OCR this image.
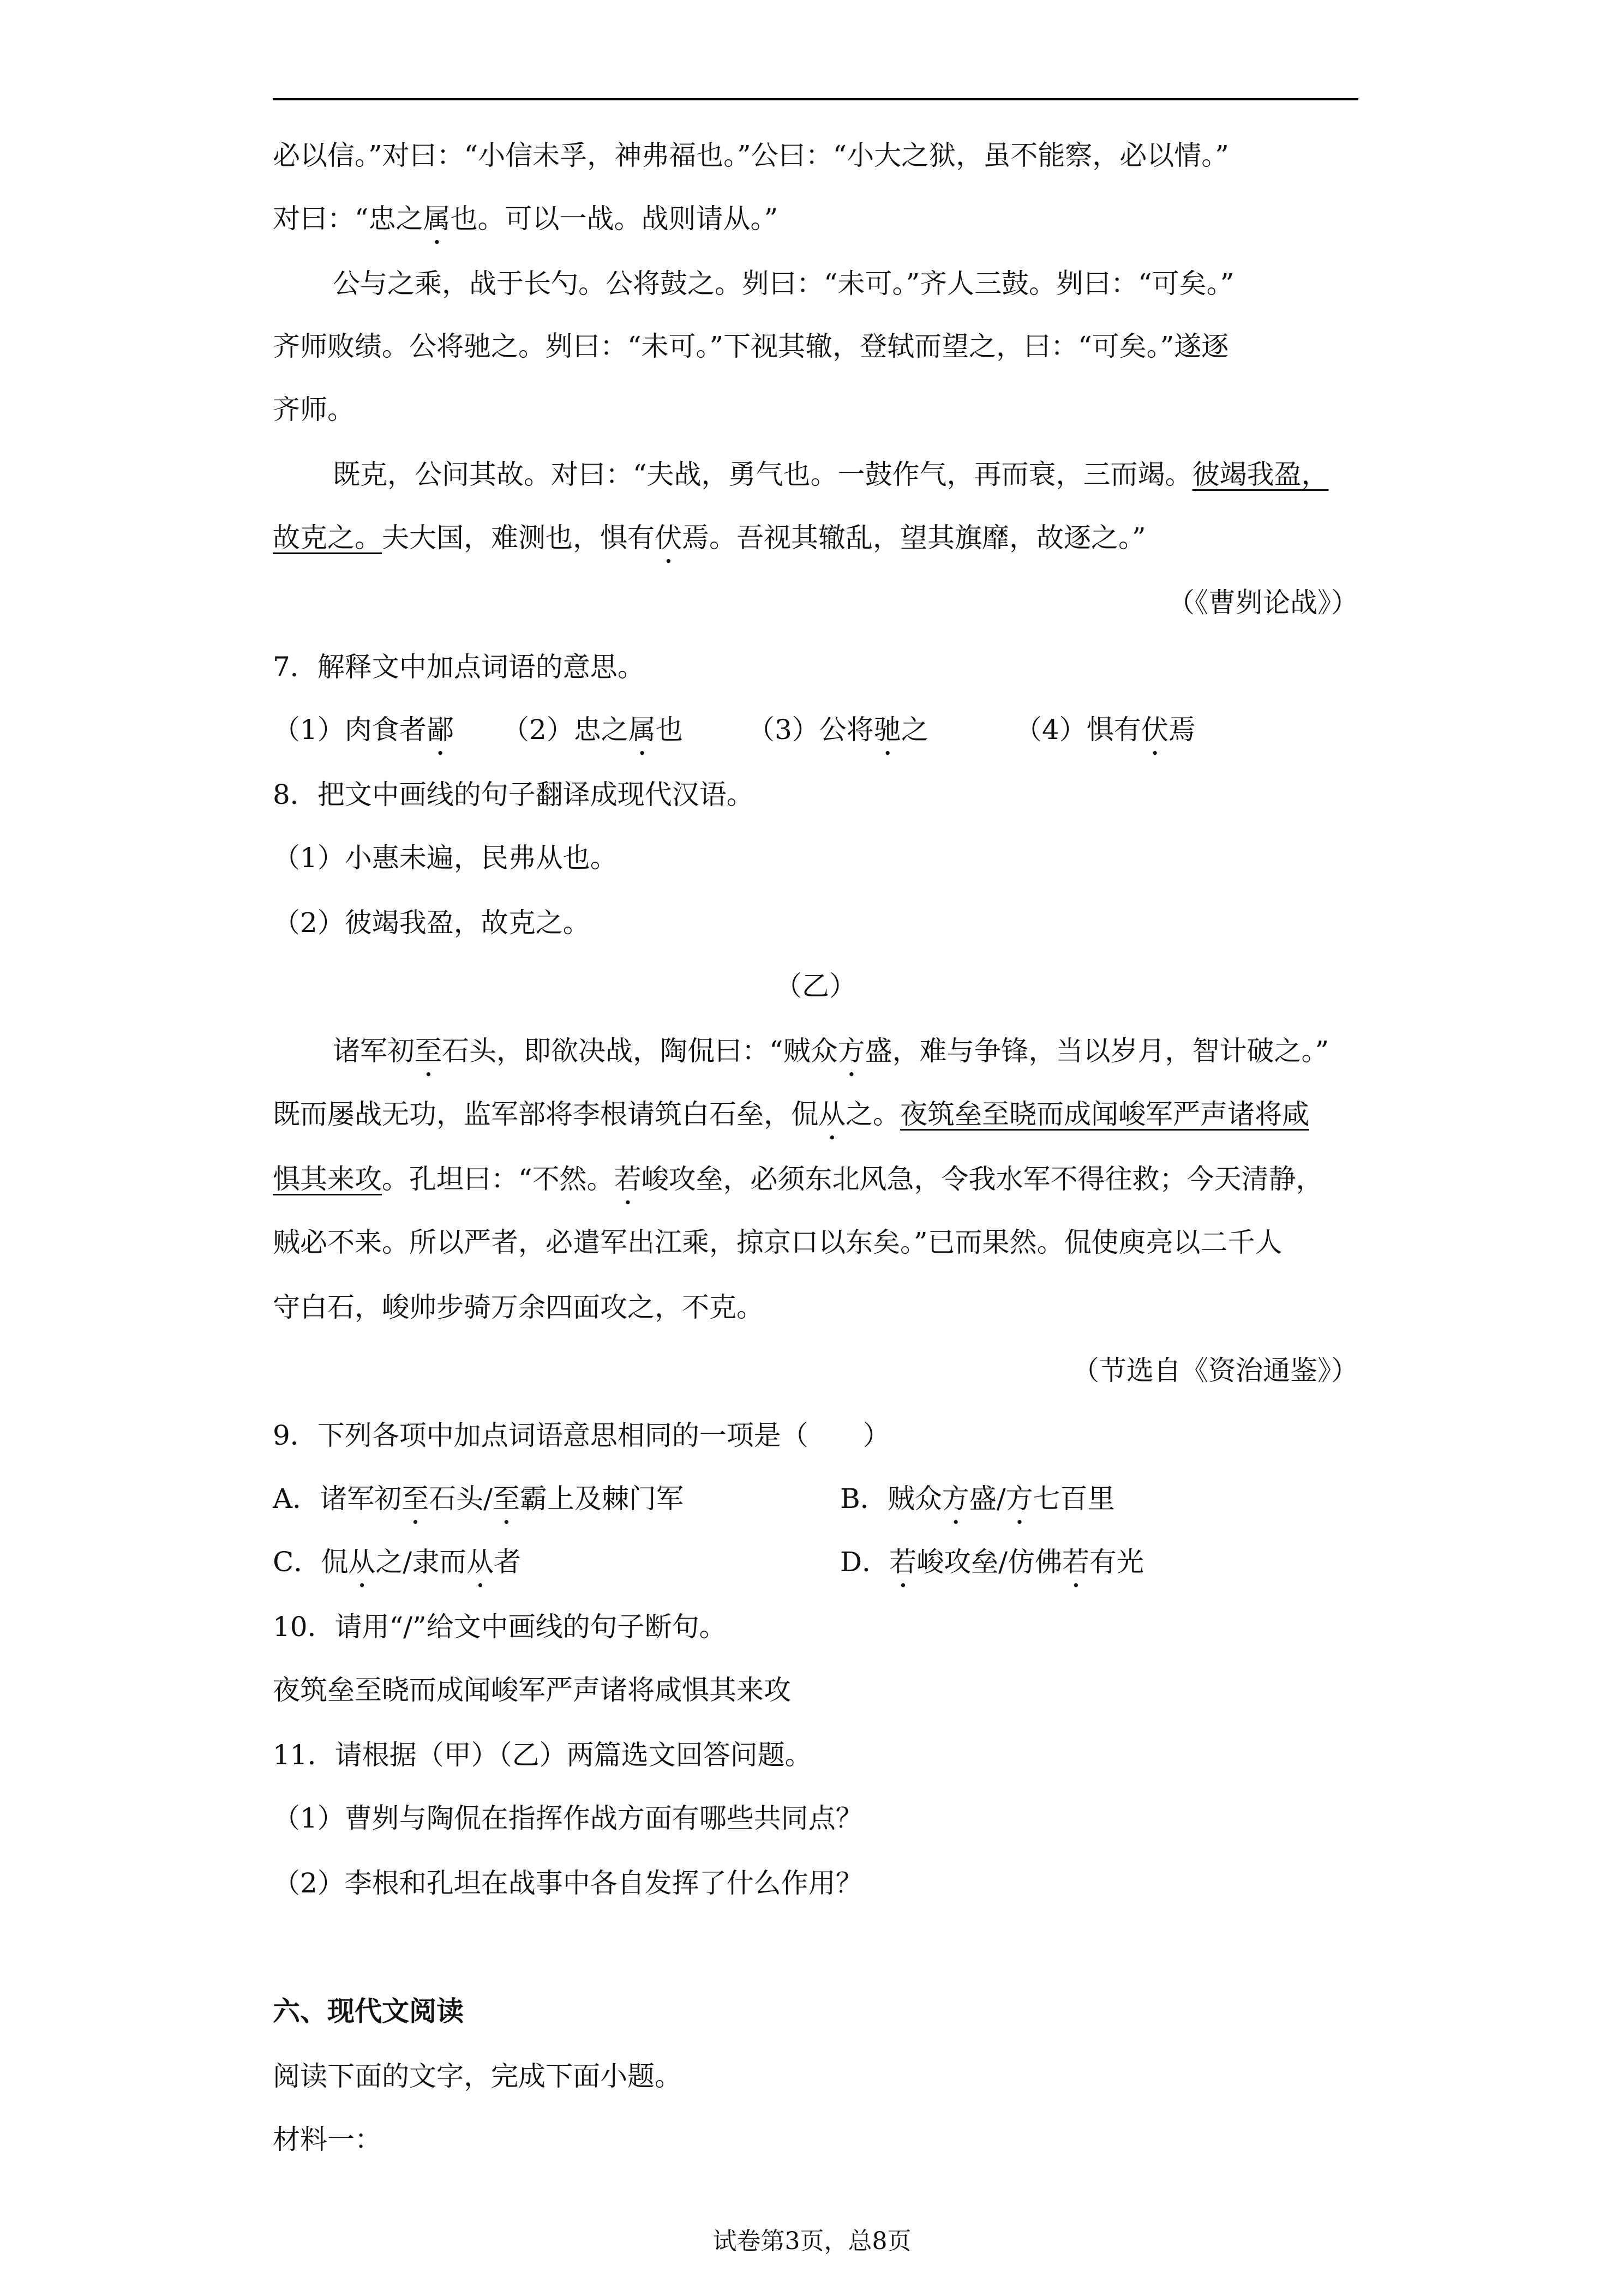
必以信。”对曰：“小信未孚，神弗福也。”公曰：“小大之狱，虽不能察，必以情。”
对曰：“忠之属也。可以一战。战则请从。”
公与之乘，战于长勺。公将鼓之。刿曰：“未可。”齐人三鼓。刿曰：“可矣。”
齐师败绩。公将驰之。刿曰：“未可。”下视其辙，登轼而望之，曰：“可矣。”遂逐
齐师。
既克，公问其故。对曰：“夫战，勇气也。一鼓作气，再而衰，三而竭。彼竭我盈，
故克之。夫大国，难测也，惧有伏焉。吾视其辙乱，望其旗靡，故逐之。”
（《曹刿论战》）
7．解释文中加点词语的意思。
（1）肉食者鄙 （2）忠之属也 （3）公将驰之	（4）惧有伏焉
8．把文中画线的句子翻译成现代汉语。
（1）小惠未遍，民弗从也。
（2）彼竭我盈，故克之。
（乙）
诸军初至石头，即欲决战，陶侃曰：“贼众方盛，难与争锋，当以岁月，智计破之。”
既而屡战无功，监军部将李根请筑白石垒，侃从之。夜筑垒至晓而成闻峻军严声诸将咸
惧其来攻。孔坦曰：“不然。若峻攻垒，必须东北风急，令我水军不得往救；今天清静，
贼必不来。所以严者，必遣军出江乘，掠京口以东矣。”已而果然。侃使庾亮以二千人
守白石，峻帅步骑万余四面攻之，不克。
（节选自《资治通鉴》）
9．下列各项中加点词语意思相同的一项是（　　）
A．诸军初至石头/至霸上及棘门军	B．贼众方盛/方七百里
C．侃从之/隶而从者	D．若峻攻垒/仿佛若有光
10．请用“/”给文中画线的句子断句。
夜筑垒至晓而成闻峻军严声诸将咸惧其来攻
11．请根据（甲）（乙）两篇选文回答问题。
（1）曹刿与陶侃在指挥作战方面有哪些共同点？
（2）李根和孔坦在战事中各自发挥了什么作用？
六、现代文阅读
阅读下面的文字，完成下面小题。
材料一：
试卷第3页，总8页
